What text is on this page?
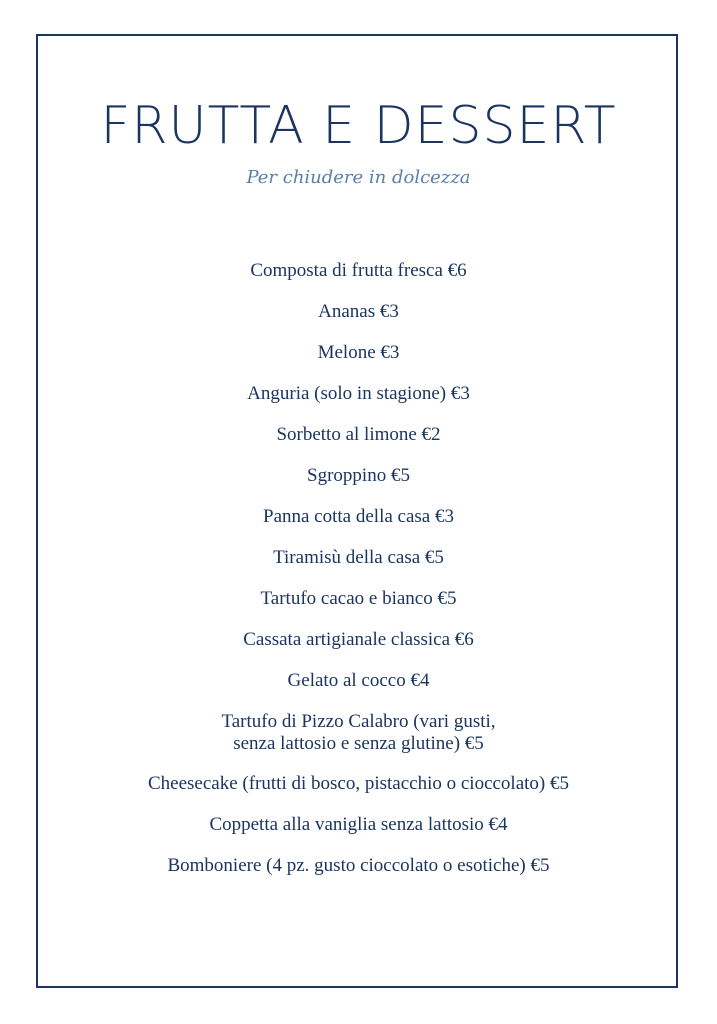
FRUTTA E DESSERT
Per chiudere in dolcezza
Composta di frutta fresca €6
Ananas €3
Melone €3
Anguria (solo in stagione) €3
Sorbetto al limone €2
Sgroppino €5
Panna cotta della casa €3
Tiramisù della casa €5
Tartufo cacao e bianco €5
Cassata artigianale classica €6
Gelato al cocco €4
Tartufo di Pizzo Calabro (vari gusti,
senza lattosio e senza glutine) €5
Cheesecake (frutti di bosco, pistacchio o cioccolato) €5
Coppetta alla vaniglia senza lattosio €4
Bomboniere (4 pz. gusto cioccolato o esotiche) €5
